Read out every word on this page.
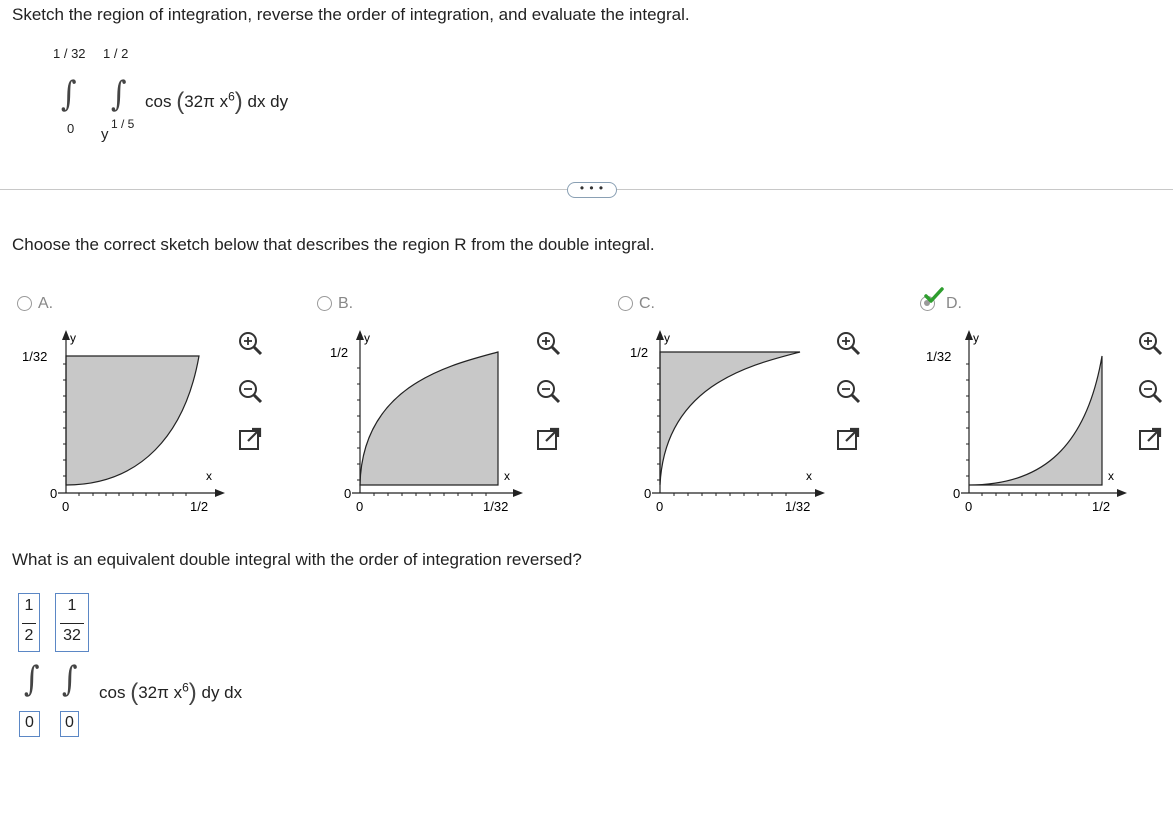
Sketch the region of integration, reverse the order of integration, and evaluate the integral.
1 / 32 1 / 2
∫ ∫
0 y
1 / 5
cos (32π $x^6$) dx dy
• • •
Choose the correct sketch below that describes the region R from the double integral.
A.
1/32
0
0	1/2
x
y
B.
1/2
0
0	1/32
x
y
C.
1/2
0
0	1/32
x
y
D.
1/32
0
0	1/2
x
y
What is an equivalent double integral with the order of integration reversed?
1
2
1
32
∫ ∫
0	0
cos (32π $x^6$) dy dx
